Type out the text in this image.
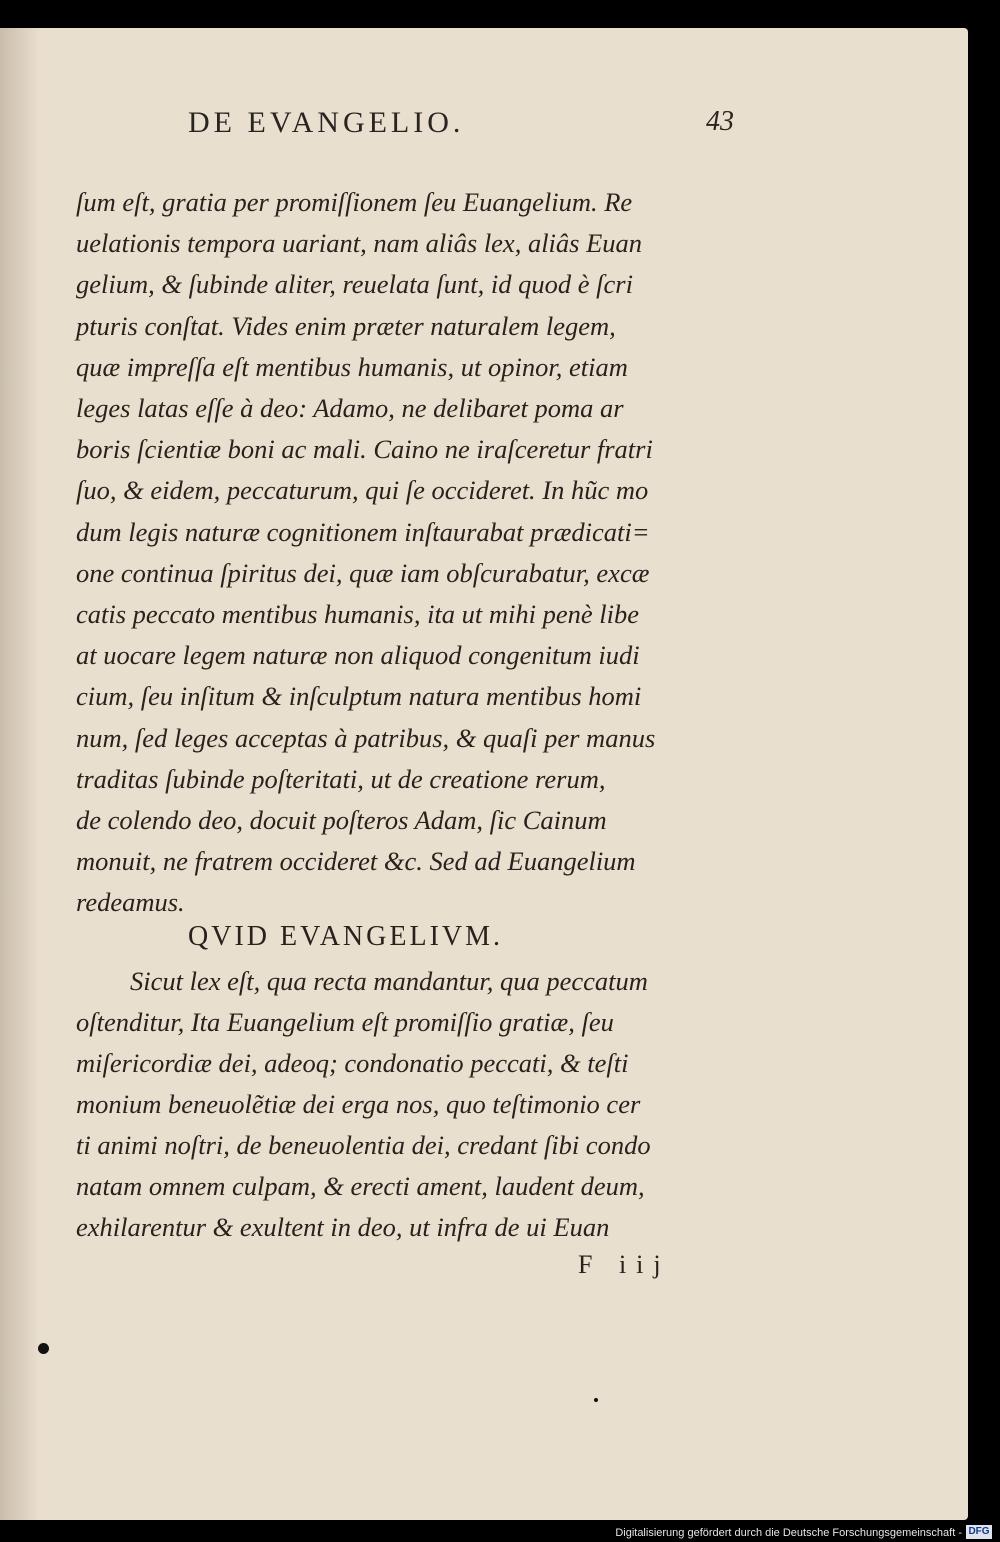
DE EVANGELIO.	43
ſum eſt, gratia per promiſſionem ſeu Euangelium. Re
uelationis tempora uariant, nam aliâs lex, aliâs Euan
gelium, & ſubinde aliter, reuelata ſunt, id quod è ſcri
pturis conſtat. Vides enim præter naturalem legem,
quæ impreſſa eſt mentibus humanis, ut opinor, etiam
leges latas eſſe à deo: Adamo, ne delibaret poma ar
boris ſcientiæ boni ac mali. Caino ne iraſceretur fratri
ſuo, & eidem, peccaturum, qui ſe occideret. In hũc mo
dum legis naturæ cognitionem inſtaurabat prædicati=
one continua ſpiritus dei, quæ iam obſcurabatur, excæ
catis peccato mentibus humanis, ita ut mihi penè libe
at uocare legem naturæ non aliquod congenitum iudi
cium, ſeu inſitum & inſculptum natura mentibus homi
num, ſed leges acceptas à patribus, & quaſi per manus
traditas ſubinde poſteritati, ut de creatione rerum,
de colendo deo, docuit poſteros Adam, ſic Cainum
monuit, ne fratrem occideret &c. Sed ad Euangelium
redeamus.
QVID EVANGELIVM.
Sicut lex eſt, qua recta mandantur, qua peccatum
oſtenditur, Ita Euangelium eſt promiſſio gratiæ, ſeu
miſericordiæ dei, adeoq; condonatio peccati, & teſti
monium beneuolẽtiæ dei erga nos, quo teſtimonio cer
ti animi noſtri, de beneuolentia dei, credant ſibi condo
natam omnem culpam, & erecti ament, laudent deum,
exhilarentur & exultent in deo, ut infra de ui Euan
F iij
Digitalisierung gefördert durch die Deutsche Forschungsgemeinschaft - DFG
